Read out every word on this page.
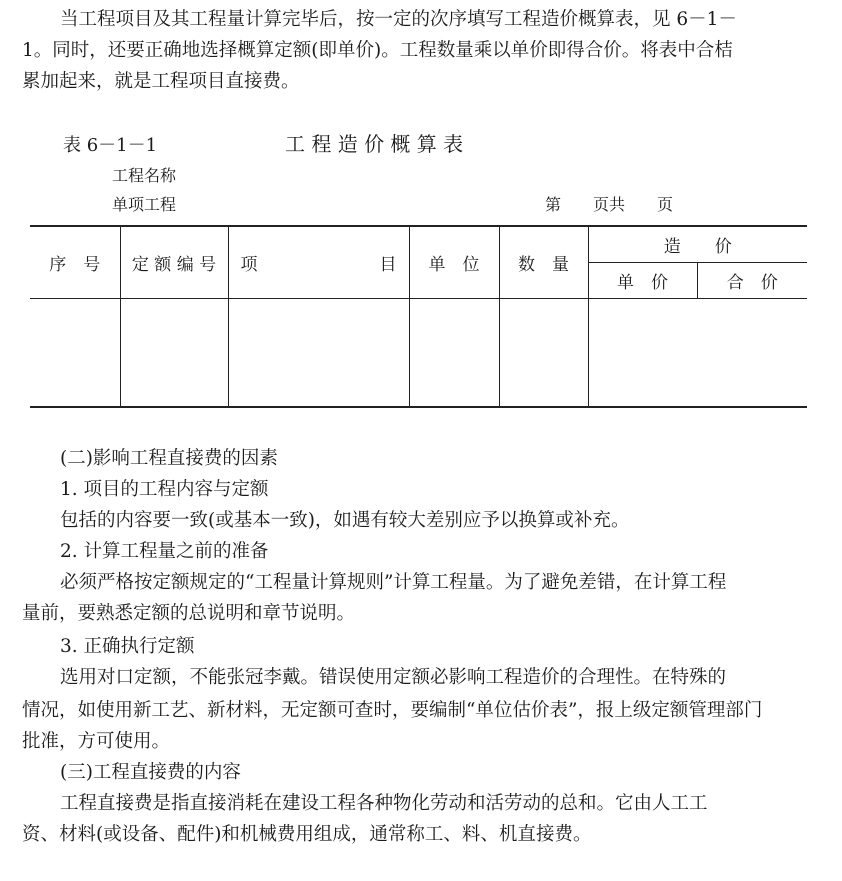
当工程项目及其工程量计算完毕后，按一定的次序填写工程造价概算表，见 6－1－
1。同时，还要正确地选择概算定额(即单价)。工程数量乘以单价即得合价。将表中合桔
累加起来，就是工程项目直接费。
表 6－1－1	工 程 造 价 概 算 表
工程名称
单项工程	第　　页共　　页
序　号	定 额 编 号	项 目	单　位	数　量	造　　价	
					单　价	合　价

(二)影响工程直接费的因素
1. 项目的工程内容与定额
包括的内容要一致(或基本一致)，如遇有较大差别应予以换算或补充。
2. 计算工程量之前的准备
必须严格按定额规定的“工程量计算规则”计算工程量。为了避免差错，在计算工程
量前，要熟悉定额的总说明和章节说明。
3. 正确执行定额
选用对口定额，不能张冠李戴。错误使用定额必影响工程造价的合理性。在特殊的
情况，如使用新工艺、新材料，无定额可查时，要编制“单位估价表”，报上级定额管理部门
批准，方可使用。
(三)工程直接费的内容
工程直接费是指直接消耗在建设工程各种物化劳动和活劳动的总和。它由人工工
资、材料(或设备、配件)和机械费用组成，通常称工、料、机直接费。
